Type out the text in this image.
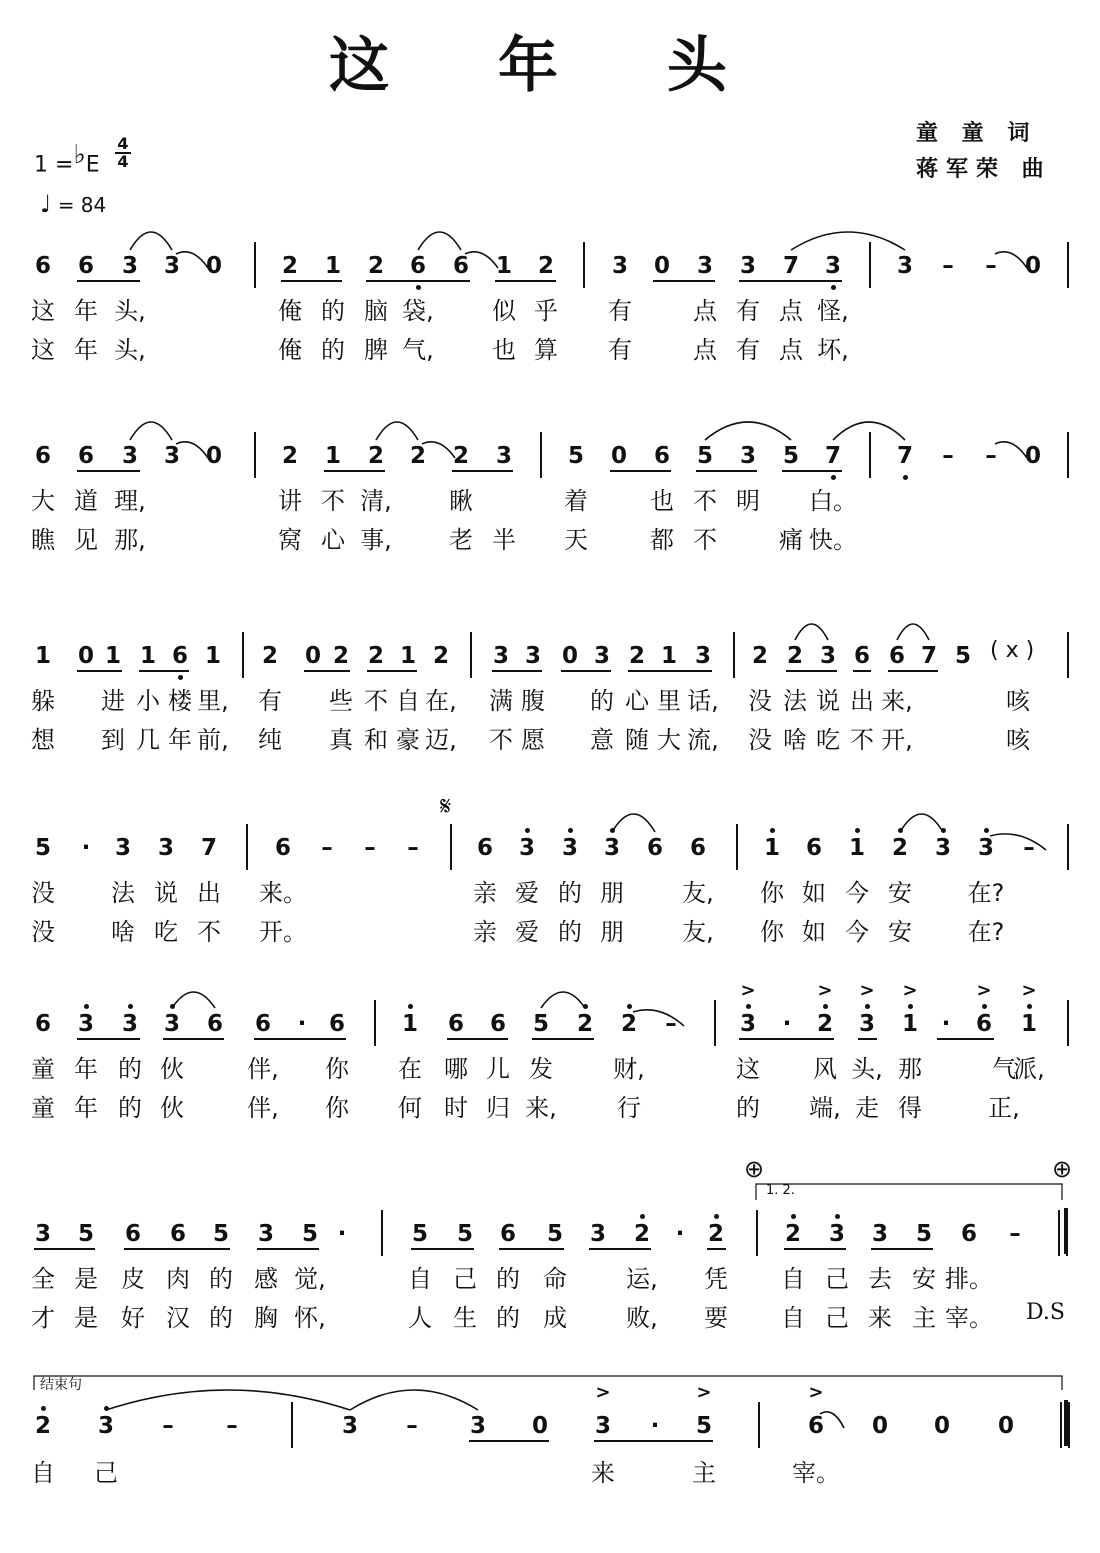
这 年 头
童 童 词
蒋军荣 曲
1 =♭E
4
4
♩ = 84
6 6 3 3 0	2 1 2 6 6 1 2	3 0 3 3 7 3 3 – – 0
这 年 头,	俺 的 脑 袋, 似 乎 有	点 有 点 怪,
这 年 头,	俺 的 脾 气, 也 算 有	点 有 点 坏,
6 6 3 3 0	2 1 2 2 2 3 5 0 6 5 3 5 7 7 – – 0
大 道 理,	讲 不 清, 瞅	着	也 不 明 白。
瞧 见 那,	窝 心 事, 老 半 天	都 不	痛 快。
1 0 1 1 6 1 2 0 2 2 1 2 3 3 0 3 2 1 3 2 2 3 6 6 7 5
躲 进 小 楼 里, 有 些 不 自 在, 满 腹 的 心 里 话, 没 法 说 出 来,	咳
想 到 几 年 前, 纯 真 和 豪 迈, 不 愿 意 随 大 流, 没 啥 吃 不 开,	咳
5 · 3 3 7	6 – – –	6 3 3 3 6 6	1 6 1 2 3 3 –
没 法 说 出 来。	亲 爱 的 朋 友, 你 如 今 安 在?
没 啥 吃 不 开。	亲 爱 的 朋 友, 你 如 今 安 在?
6 3 3 3 6 6 · 6 1 6 6 5 2 2 –	3 · 2 3 1 · 6 1
>	> > >	> >
童 年 的 伙	伴, 你 在 哪 儿 发	财,	这 风 头, 那	气
派,
童 年 的 伙	伴, 你 何 时 归 来,	行	的 端, 走 得	正,
3 5 6 6 5 3 5 ·	5 5 6 5 3 2 · 2	2 3 3 5 6 –
全 是 皮 肉 的 感 觉,	自 己 的 命 运, 凭 自 己 去 安 排。
才 是 好 汉 的 胸 怀,	人 生 的 成 败, 要 自 己 来 主 宰。
2 3 – –	3 – 3 0 3 · 5	6 0 0 0
>	>	>
自 己	来	主	宰。
𝄋
⊕	⊕
1. 2.
结束句
D.S
( x )
